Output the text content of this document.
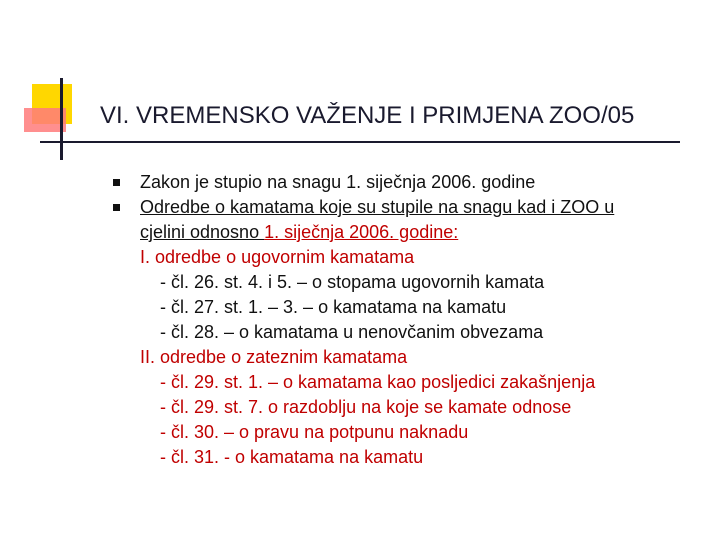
VI. VREMENSKO VAŽENJE I PRIMJENA ZOO/05
Zakon je stupio na snagu 1. siječnja 2006. godine
Odredbe o kamatama koje su stupile na snagu kad i ZOO u
cjelini odnosno 1. siječnja 2006. godine:
I. odredbe o ugovornim kamatama
- čl. 26. st. 4. i 5. – o stopama ugovornih kamata
- čl. 27. st. 1. – 3. – o kamatama na kamatu
- čl. 28. – o kamatama u nenovčanim obvezama
II. odredbe o zateznim kamatama
- čl. 29. st. 1. – o kamatama kao posljedici zakašnjenja
- čl. 29. st. 7. o razdoblju na koje se kamate odnose
- čl. 30. – o pravu na potpunu naknadu
- čl. 31. - o kamatama na kamatu
